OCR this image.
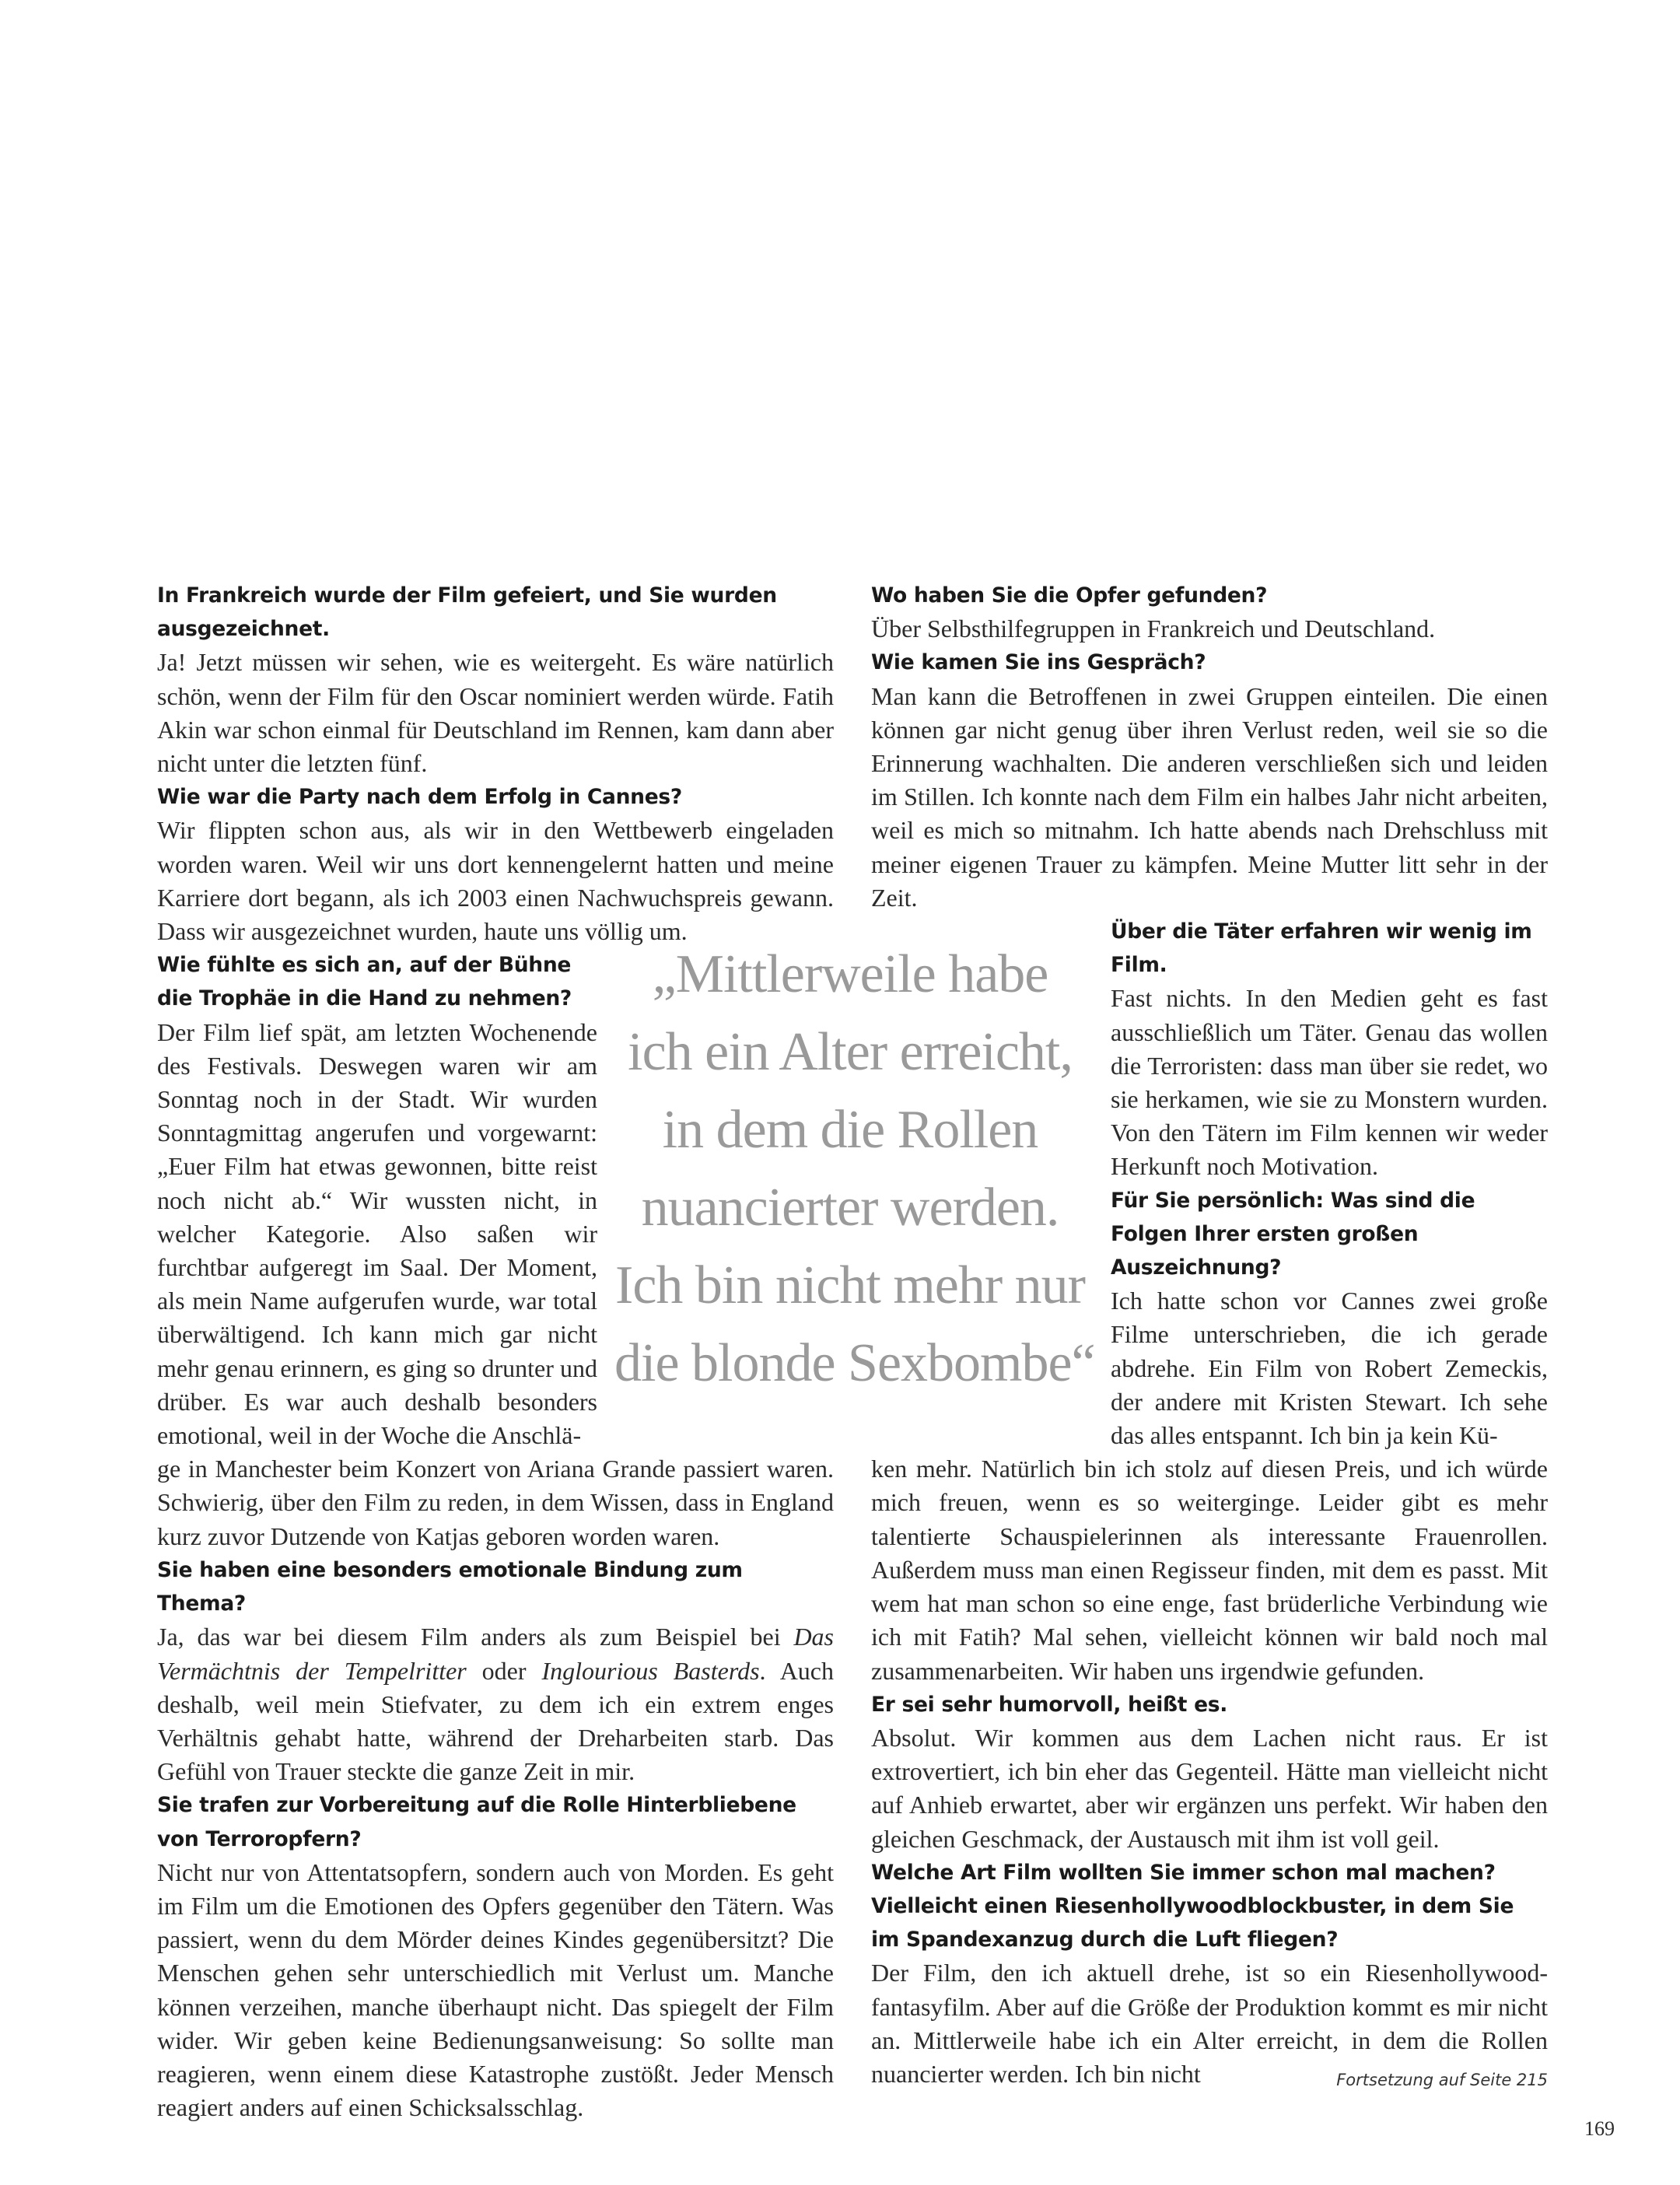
In Frankreich wurde der Film gefeiert, und Sie wurden ausgezeichnet.

Ja! Jetzt müssen wir sehen, wie es weitergeht. Es wäre natürlich schön, wenn der Film für den Oscar nominiert werden würde. Fatih Akin war schon einmal für Deutschland im Rennen, kam dann aber nicht unter die letzten fünf.

Wie war die Party nach dem Erfolg in Cannes?

Wir flippten schon aus, als wir in den Wettbewerb eingeladen worden waren. Weil wir uns dort kennengelernt hatten und meine Karriere dort begann, als ich 2003 einen Nachwuchspreis gewann. Dass wir ausgezeichnet wurden, haute uns völlig um.

Wie fühlte es sich an, auf der Bühne die Trophäe in die Hand zu nehmen?

Der Film lief spät, am letzten Wochenende des Festivals. Deswegen waren wir am Sonntag noch in der Stadt. Wir wurden Sonntagmittag angerufen und vorgewarnt: „Euer Film hat etwas gewonnen, bitte reist noch nicht ab.“ Wir wussten nicht, in welcher Kategorie. Also saßen wir furchtbar aufgeregt im Saal. Der Moment, als mein Name aufgerufen wurde, war total überwältigend. Ich kann mich gar nicht mehr genau erinnern, es ging so drunter und drüber. Es war auch deshalb besonders emotional, weil in der Woche die Anschlä-

ge in Manchester beim Konzert von Ariana Grande passiert waren. Schwierig, über den Film zu reden, in dem Wissen, dass in England kurz zuvor Dutzende von Katjas geboren worden waren.

Sie haben eine besonders emotionale Bindung zum Thema?

Ja, das war bei diesem Film anders als zum Beispiel bei Das Vermächtnis der Tempelritter oder Inglourious Basterds. Auch deshalb, weil mein Stiefvater, zu dem ich ein extrem enges Verhältnis gehabt hatte, während der Dreharbeiten starb. Das Gefühl von Trauer steckte die ganze Zeit in mir.

Sie trafen zur Vorbereitung auf die Rolle Hinterbliebene von Terroropfern?

Nicht nur von Attentatsopfern, sondern auch von Morden. Es geht im Film um die Emotionen des Opfers gegenüber den Tätern. Was passiert, wenn du dem Mörder deines Kindes gegenübersitzt? Die Menschen gehen sehr unterschiedlich mit Verlust um. Manche können verzeihen, manche überhaupt nicht. Das spiegelt der Film wider. Wir geben keine Bedienungsanweisung: So sollte man reagieren, wenn einem diese Katastrophe zustößt. Jeder Mensch reagiert anders auf einen Schicksalsschlag.

„Mittlerweile habe
ich ein Alter erreicht,
in dem die Rollen
nuancierter werden.
Ich bin nicht mehr nur
die blonde Sexbombe“

Wo haben Sie die Opfer gefunden?

Über Selbsthilfegruppen in Frankreich und Deutschland.

Wie kamen Sie ins Gespräch?

Man kann die Betroffenen in zwei Gruppen einteilen. Die einen können gar nicht genug über ihren Verlust reden, weil sie so die Erinnerung wachhalten. Die anderen verschließen sich und leiden im Stillen. Ich konnte nach dem Film ein halbes Jahr nicht arbeiten, weil es mich so mitnahm. Ich hatte abends nach Drehschluss mit meiner eigenen Trauer zu kämpfen. Meine Mutter litt sehr in der Zeit.

Über die Täter erfahren wir wenig im Film.

Fast nichts. In den Medien geht es fast ausschließlich um Täter. Genau das wollen die Terroristen: dass man über sie redet, wo sie herkamen, wie sie zu Monstern wurden. Von den Tätern im Film kennen wir weder Herkunft noch Motivation.

Für Sie persönlich: Was sind die Folgen Ihrer ersten großen Auszeichnung?

Ich hatte schon vor Cannes zwei große Filme unterschrieben, die ich gerade abdrehe. Ein Film von Robert Zemeckis, der andere mit Kristen Stewart. Ich sehe das alles entspannt. Ich bin ja kein Kü-

ken mehr. Natürlich bin ich stolz auf diesen Preis, und ich würde mich freuen, wenn es so weiterginge. Leider gibt es mehr talentierte Schauspielerinnen als interessante Frauenrollen. Außerdem muss man einen Regisseur finden, mit dem es passt. Mit wem hat man schon so eine enge, fast brüderliche Verbindung wie ich mit Fatih? Mal sehen, vielleicht können wir bald noch mal zusammenarbeiten. Wir haben uns irgendwie gefunden.

Er sei sehr humorvoll, heißt es.

Absolut. Wir kommen aus dem Lachen nicht raus. Er ist extrovertiert, ich bin eher das Gegenteil. Hätte man vielleicht nicht auf Anhieb erwartet, aber wir ergänzen uns perfekt. Wir haben den gleichen Geschmack, der Austausch mit ihm ist voll geil.

Welche Art Film wollten Sie immer schon mal machen? Vielleicht einen Riesenhollywoodblockbuster, in dem Sie im Spandexanzug durch die Luft fliegen?

Der Film, den ich aktuell drehe, ist so ein Riesenhollywood-fantasyfilm. Aber auf die Größe der Produktion kommt es mir nicht an. Mittlerweile habe ich ein Alter erreicht, in dem die Rollen nuancierter werden. Ich bin nicht	Fortsetzung auf Seite 215

169
